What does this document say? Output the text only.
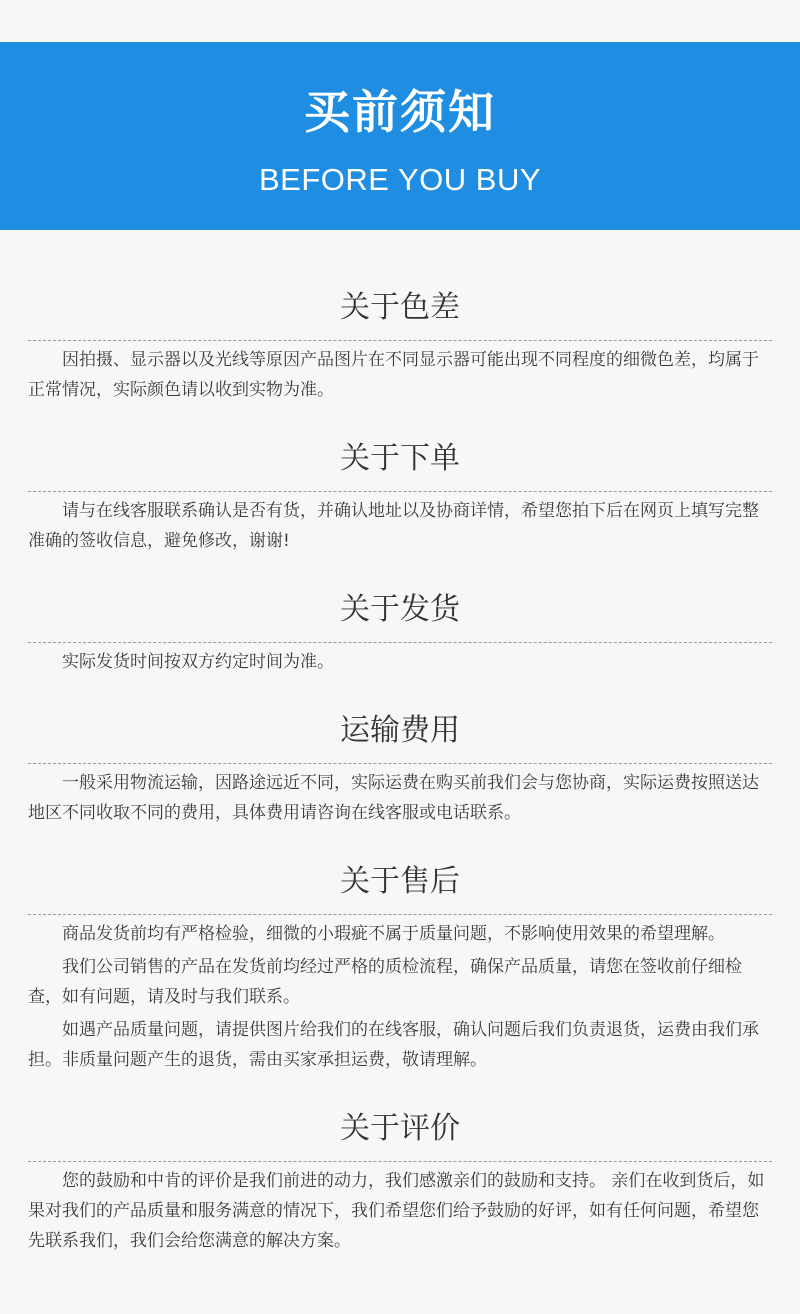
买前须知
BEFORE YOU BUY
关于色差

因拍摄、显示器以及光线等原因产品图片在不同显示器可能出现不同程度的细微色差，均属于正常情况，实际颜色请以收到实物为准。

关于下单

请与在线客服联系确认是否有货，并确认地址以及协商详情，希望您拍下后在网页上填写完整准确的签收信息，避免修改，谢谢!

关于发货

实际发货时间按双方约定时间为准。

运输费用

一般采用物流运输，因路途远近不同，实际运费在购买前我们会与您协商，实际运费按照送达地区不同收取不同的费用，具体费用请咨询在线客服或电话联系。

关于售后

商品发货前均有严格检验，细微的小瑕疵不属于质量问题，不影响使用效果的希望理解。

我们公司销售的产品在发货前均经过严格的质检流程，确保产品质量，请您在签收前仔细检查，如有问题，请及时与我们联系。

如遇产品质量问题，请提供图片给我们的在线客服，确认问题后我们负责退货，运费由我们承担。非质量问题产生的退货，需由买家承担运费，敬请理解。

关于评价

您的鼓励和中肯的评价是我们前进的动力，我们感激亲们的鼓励和支持。 亲们在收到货后，如果对我们的产品质量和服务满意的情况下，我们希望您们给予鼓励的好评，如有任何问题，希望您先联系我们，我们会给您满意的解决方案。
